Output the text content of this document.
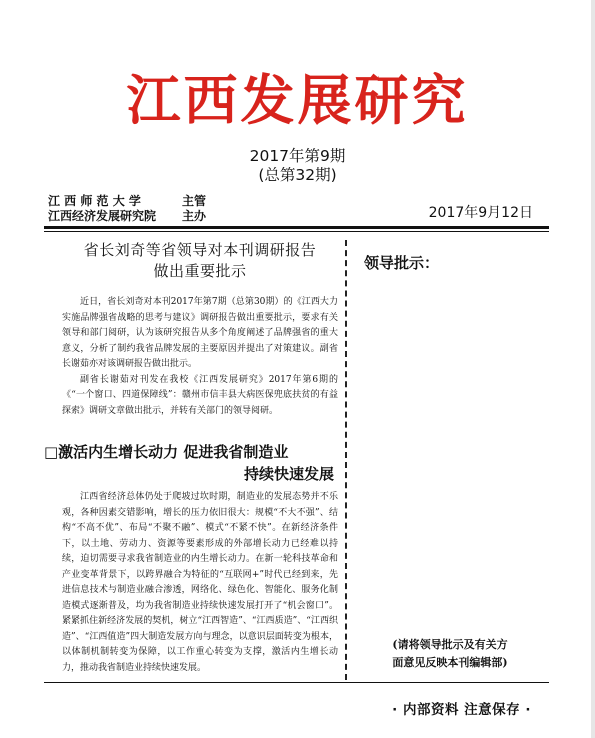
江西发展研究
2017年第9期
(总第32期)
江 西 师 范 大 学	主管
江西经济发展研究院 主办	2017年9月12日
省长刘奇等省领导对本刊调研报告
做出重要批示

近日，省长刘奇对本刊2017年第7期（总第30期）的《江西大力实施品牌强省战略的思考与建议》调研报告做出重要批示，要求有关领导和部门阅研，认为该研究报告从多个角度阐述了品牌强省的重大意义，分析了制约我省品牌发展的主要原因并提出了对策建议。副省长谢茹亦对该调研报告做出批示。

副省长谢茹对刊发在我校《江西发展研究》2017年第6期的《“一个窗口、四道保障线”：赣州市信丰县大病医保兜底扶贫的有益探索》调研文章做出批示，并转有关部门的领导阅研。

□激活内生增长动力 促进我省制造业
持续快速发展

江西省经济总体仍处于爬坡过坎时期，制造业的发展态势并不乐观，各种因素交错影响，增长的压力依旧很大：规模“不大不强”、结构“不高不优”、布局“不聚不融”、模式“不紧不快”。在新经济条件下，以土地、劳动力、资源等要素形成的外部增长动力已经难以持续，迫切需要寻求我省制造业的内生增长动力。在新一轮科技革命和产业变革背景下，以跨界融合为特征的“互联网+”时代已经到来，先进信息技术与制造业融合渗透，网络化、绿色化、智能化、服务化制造模式逐渐普及，均为我省制造业持续快速发展打开了“机会窗口”。紧紧抓住新经济发展的契机，树立“江西智造”、“江西质造”、“江西织造”、“江西值造”四大制造发展方向与理念，以意识层面转变为根本，以体制机制转变为保障，以工作重心转变为支撑，激活内生增长动力，推动我省制造业持续快速发展。

领导批示：
(请将领导批示及有关方
面意见反映本刊编辑部)
· 内部资料 注意保存 ·
